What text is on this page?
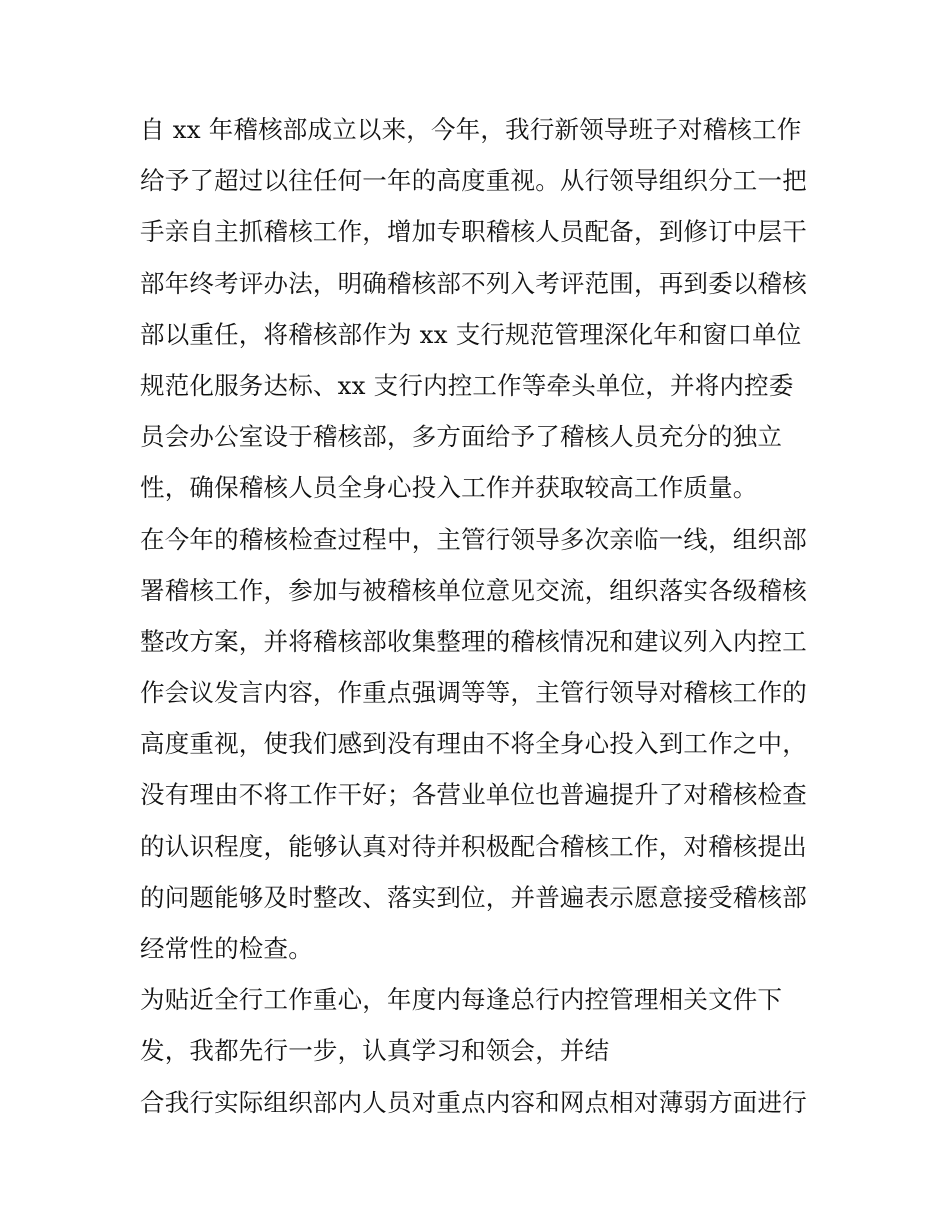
自 xx 年稽核部成立以来，今年，我行新领导班子对稽核工作
给予了超过以往任何一年的高度重视。从行领导组织分工一把
手亲自主抓稽核工作，增加专职稽核人员配备，到修订中层干
部年终考评办法，明确稽核部不列入考评范围，再到委以稽核
部以重任，将稽核部作为 xx 支行规范管理深化年和窗口单位
规范化服务达标、xx 支行内控工作等牵头单位，并将内控委
员会办公室设于稽核部，多方面给予了稽核人员充分的独立
性，确保稽核人员全身心投入工作并获取较高工作质量。
在今年的稽核检查过程中，主管行领导多次亲临一线，组织部
署稽核工作，参加与被稽核单位意见交流，组织落实各级稽核
整改方案，并将稽核部收集整理的稽核情况和建议列入内控工
作会议发言内容，作重点强调等等，主管行领导对稽核工作的
高度重视，使我们感到没有理由不将全身心投入到工作之中，
没有理由不将工作干好；各营业单位也普遍提升了对稽核检查
的认识程度，能够认真对待并积极配合稽核工作，对稽核提出
的问题能够及时整改、落实到位，并普遍表示愿意接受稽核部
经常性的检查。
为贴近全行工作重心，年度内每逢总行内控管理相关文件下
发，我都先行一步，认真学习和领会，并结
合我行实际组织部内人员对重点内容和网点相对薄弱方面进行
